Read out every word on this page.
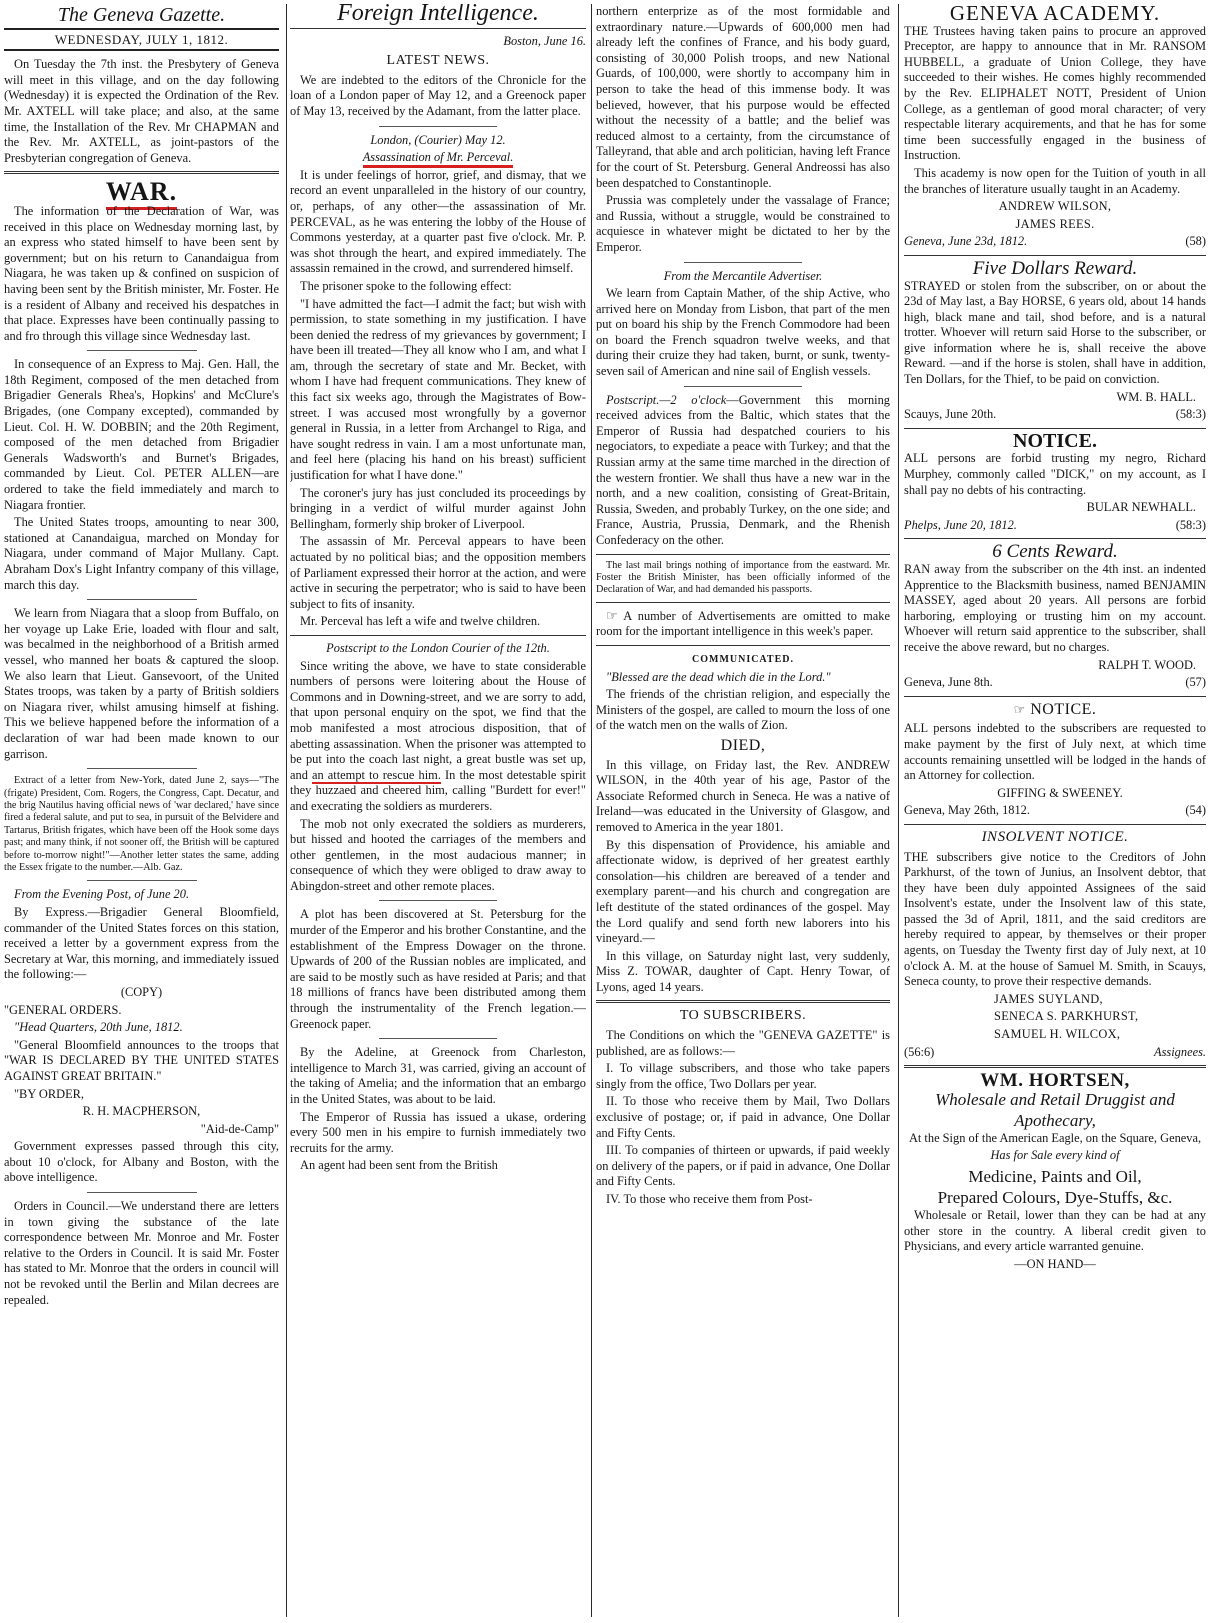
The Geneva Gazette.
WEDNESDAY, JULY 1, 1812.

On Tuesday the 7th inst. the Presbytery of Geneva will meet in this village, and on the day following (Wednesday) it is expected the Ordination of the Rev. Mr. AXTELL will take place; and also, at the same time, the Installation of the Rev. Mr CHAPMAN and the Rev. Mr. AXTELL, as joint-pastors of the Presbyterian congregation of Geneva.

WAR.

The information of the Declaration of War, was received in this place on Wednesday morning last, by an express who stated himself to have been sent by government; but on his return to Canandaigua from Niagara, he was taken up & confined on suspicion of having been sent by the British minister, Mr. Foster. He is a resident of Albany and received his despatches in that place. Expresses have been continually passing to and fro through this village since Wednesday last.

In consequence of an Express to Maj. Gen. Hall, the 18th Regiment, composed of the men detached from Brigadier Generals Rhea's, Hopkins' and McClure's Brigades, (one Company excepted), commanded by Lieut. Col. H. W. DOBBIN; and the 20th Regiment, composed of the men detached from Brigadier Generals Wadsworth's and Burnet's Brigades, commanded by Lieut. Col. PETER ALLEN—are ordered to take the field immediately and march to Niagara frontier.

The United States troops, amounting to near 300, stationed at Canandaigua, marched on Monday for Niagara, under command of Major Mullany. Capt. Abraham Dox's Light Infantry company of this village, march this day.

We learn from Niagara that a sloop from Buffalo, on her voyage up Lake Erie, loaded with flour and salt, was becalmed in the neighborhood of a British armed vessel, who manned her boats & captured the sloop. We also learn that Lieut. Gansevoort, of the United States troops, was taken by a party of British soldiers on Niagara river, whilst amusing himself at fishing. This we believe happened before the information of a declaration of war had been made known to our garrison.

Extract of a letter from New-York, dated June 2, says—"The (frigate) President, Com. Rogers, the Congress, Capt. Decatur, and the brig Nautilus having official news of 'war declared,' have since fired a federal salute, and put to sea, in pursuit of the Belvidere and Tartarus, British frigates, which have been off the Hook some days past; and many think, if not sooner off, the British will be captured before to-morrow night!"—Another letter states the same, adding the Essex frigate to the number.—Alb. Gaz.

From the Evening Post, of June 20.

By Express.—Brigadier General Bloomfield, commander of the United States forces on this station, received a letter by a government express from the Secretary at War, this morning, and immediately issued the following:—

(COPY)

"GENERAL ORDERS.

"Head Quarters, 20th June, 1812.

"General Bloomfield announces to the troops that "WAR IS DECLARED BY THE UNITED STATES AGAINST GREAT BRITAIN."

"BY ORDER,

R. H. MACPHERSON,

"Aid-de-Camp"

Government expresses passed through this city, about 10 o'clock, for Albany and Boston, with the above intelligence.

Orders in Council.—We understand there are letters in town giving the substance of the late correspondence between Mr. Monroe and Mr. Foster relative to the Orders in Council. It is said Mr. Foster has stated to Mr. Monroe that the orders in council will not be revoked until the Berlin and Milan decrees are repealed.

Foreign Intelligence.

Boston, June 16.

LATEST NEWS.

We are indebted to the editors of the Chronicle for the loan of a London paper of May 12, and a Greenock paper of May 13, received by the Adamant, from the latter place.

London, (Courier) May 12.

Assassination of Mr. Perceval.

It is under feelings of horror, grief, and dismay, that we record an event unparalleled in the history of our country, or, perhaps, of any other—the assassination of Mr. PERCEVAL, as he was entering the lobby of the House of Commons yesterday, at a quarter past five o'clock. Mr. P. was shot through the heart, and expired immediately. The assassin remained in the crowd, and surrendered himself.

The prisoner spoke to the following effect:

"I have admitted the fact—I admit the fact; but wish with permission, to state something in my justification. I have been denied the redress of my grievances by government; I have been ill treated—They all know who I am, and what I am, through the secretary of state and Mr. Becket, with whom I have had frequent communications. They knew of this fact six weeks ago, through the Magistrates of Bow-street. I was accused most wrongfully by a governor general in Russia, in a letter from Archangel to Riga, and have sought redress in vain. I am a most unfortunate man, and feel here (placing his hand on his breast) sufficient justification for what I have done."

The coroner's jury has just concluded its proceedings by bringing in a verdict of wilful murder against John Bellingham, formerly ship broker of Liverpool.

The assassin of Mr. Perceval appears to have been actuated by no political bias; and the opposition members of Parliament expressed their horror at the action, and were active in securing the perpetrator; who is said to have been subject to fits of insanity.

Mr. Perceval has left a wife and twelve children.

Postscript to the London Courier of the 12th.

Since writing the above, we have to state considerable numbers of persons were loitering about the House of Commons and in Downing-street, and we are sorry to add, that upon personal enquiry on the spot, we find that the mob manifested a most atrocious disposition, that of abetting assassination. When the prisoner was attempted to be put into the coach last night, a great bustle was set up, and an attempt to rescue him. In the most detestable spirit they huzzaed and cheered him, calling "Burdett for ever!" and execrating the soldiers as murderers.

The mob not only execrated the soldiers as murderers, but hissed and hooted the carriages of the members and other gentlemen, in the most audacious manner; in consequence of which they were obliged to draw away to Abingdon-street and other remote places.

A plot has been discovered at St. Petersburg for the murder of the Emperor and his brother Constantine, and the establishment of the Empress Dowager on the throne. Upwards of 200 of the Russian nobles are implicated, and are said to be mostly such as have resided at Paris; and that 18 millions of francs have been distributed among them through the instrumentality of the French legation.—Greenock paper.

By the Adeline, at Greenock from Charleston, intelligence to March 31, was carried, giving an account of the taking of Amelia; and the information that an embargo in the United States, was about to be laid.

The Emperor of Russia has issued a ukase, ordering every 500 men in his empire to furnish immediately two recruits for the army.

An agent had been sent from the British

northern enterprize as of the most formidable and extraordinary nature.—Upwards of 600,000 men had already left the confines of France, and his body guard, consisting of 30,000 Polish troops, and new National Guards, of 100,000, were shortly to accompany him in person to take the head of this immense body. It was believed, however, that his purpose would be effected without the necessity of a battle; and the belief was reduced almost to a certainty, from the circumstance of Talleyrand, that able and arch politician, having left France for the court of St. Petersburg. General Andreossi has also been despatched to Constantinople.

Prussia was completely under the vassalage of France; and Russia, without a struggle, would be constrained to acquiesce in whatever might be dictated to her by the Emperor.

From the Mercantile Advertiser.

We learn from Captain Mather, of the ship Active, who arrived here on Monday from Lisbon, that part of the men put on board his ship by the French Commodore had been on board the French squadron twelve weeks, and that during their cruize they had taken, burnt, or sunk, twenty-seven sail of American and nine sail of English vessels.

Postscript.—2 o'clock—Government this morning received advices from the Baltic, which states that the Emperor of Russia had despatched couriers to his negociators, to expediate a peace with Turkey; and that the Russian army at the same time marched in the direction of the western frontier. We shall thus have a new war in the north, and a new coalition, consisting of Great-Britain, Russia, Sweden, and probably Turkey, on the one side; and France, Austria, Prussia, Denmark, and the Rhenish Confederacy on the other.

The last mail brings nothing of importance from the eastward. Mr. Foster the British Minister, has been officially informed of the Declaration of War, and had demanded his passports.

☞ A number of Advertisements are omitted to make room for the important intelligence in this week's paper.

COMMUNICATED.

"Blessed are the dead which die in the Lord."

The friends of the christian religion, and especially the Ministers of the gospel, are called to mourn the loss of one of the watch men on the walls of Zion.

DIED,

In this village, on Friday last, the Rev. ANDREW WILSON, in the 40th year of his age, Pastor of the Associate Reformed church in Seneca. He was a native of Ireland—was educated in the University of Glasgow, and removed to America in the year 1801.

By this dispensation of Providence, his amiable and affectionate widow, is deprived of her greatest earthly consolation—his children are bereaved of a tender and exemplary parent—and his church and congregation are left destitute of the stated ordinances of the gospel. May the Lord qualify and send forth new laborers into his vineyard.—

In this village, on Saturday night last, very suddenly, Miss Z. TOWAR, daughter of Capt. Henry Towar, of Lyons, aged 14 years.

TO SUBSCRIBERS.

The Conditions on which the "GENEVA GAZETTE" is published, are as follows:—

I. To village subscribers, and those who take papers singly from the office, Two Dollars per year.

II. To those who receive them by Mail, Two Dollars exclusive of postage; or, if paid in advance, One Dollar and Fifty Cents.

III. To companies of thirteen or upwards, if paid weekly on delivery of the papers, or if paid in advance, One Dollar and Fifty Cents.

IV. To those who receive them from Post-

GENEVA ACADEMY.

THE Trustees having taken pains to procure an approved Preceptor, are happy to announce that in Mr. RANSOM HUBBELL, a graduate of Union College, they have succeeded to their wishes. He comes highly recommended by the Rev. ELIPHALET NOTT, President of Union College, as a gentleman of good moral character; of very respectable literary acquirements, and that he has for some time been successfully engaged in the business of Instruction.

This academy is now open for the Tuition of youth in all the branches of literature usually taught in an Academy.

ANDREW WILSON,

JAMES REES.

Geneva, June 23d, 1812.	(58)

Five Dollars Reward.

STRAYED or stolen from the subscriber, on or about the 23d of May last, a Bay HORSE, 6 years old, about 14 hands high, black mane and tail, shod before, and is a natural trotter. Whoever will return said Horse to the subscriber, or give information where he is, shall receive the above Reward. —and if the horse is stolen, shall have in addition, Ten Dollars, for the Thief, to be paid on conviction.

WM. B. HALL.

Scauys, June 20th.	(58:3)

NOTICE.

ALL persons are forbid trusting my negro, Richard Murphey, commonly called "DICK," on my account, as I shall pay no debts of his contracting.

BULAR NEWHALL.

Phelps, June 20, 1812.	(58:3)

6 Cents Reward.

RAN away from the subscriber on the 4th inst. an indented Apprentice to the Blacksmith business, named BENJAMIN MASSEY, aged about 20 years. All persons are forbid harboring, employing or trusting him on my account. Whoever will return said apprentice to the subscriber, shall receive the above reward, but no charges.

RALPH T. WOOD.

Geneva, June 8th.	(57)

☞ NOTICE.

ALL persons indebted to the subscribers are requested to make payment by the first of July next, at which time accounts remaining unsettled will be lodged in the hands of an Attorney for collection.

GIFFING & SWEENEY.

Geneva, May 26th, 1812.	(54)

INSOLVENT NOTICE.

THE subscribers give notice to the Creditors of John Parkhurst, of the town of Junius, an Insolvent debtor, that they have been duly appointed Assignees of the said Insolvent's estate, under the Insolvent law of this state, passed the 3d of April, 1811, and the said creditors are hereby required to appear, by themselves or their proper agents, on Tuesday the Twenty first day of July next, at 10 o'clock A. M. at the house of Samuel M. Smith, in Scauys, Seneca county, to prove their respective demands.

JAMES SUYLAND,

SENECA S. PARKHURST,

SAMUEL H. WILCOX,

(56:6)	Assignees.

WM. HORTSEN,
Wholesale and Retail Druggist and Apothecary,

At the Sign of the American Eagle, on the Square, Geneva,

Has for Sale every kind of

Medicine, Paints and Oil,
Prepared Colours, Dye-Stuffs, &c.

Wholesale or Retail, lower than they can be had at any other store in the country. A liberal credit given to Physicians, and every article warranted genuine.

—ON HAND—
